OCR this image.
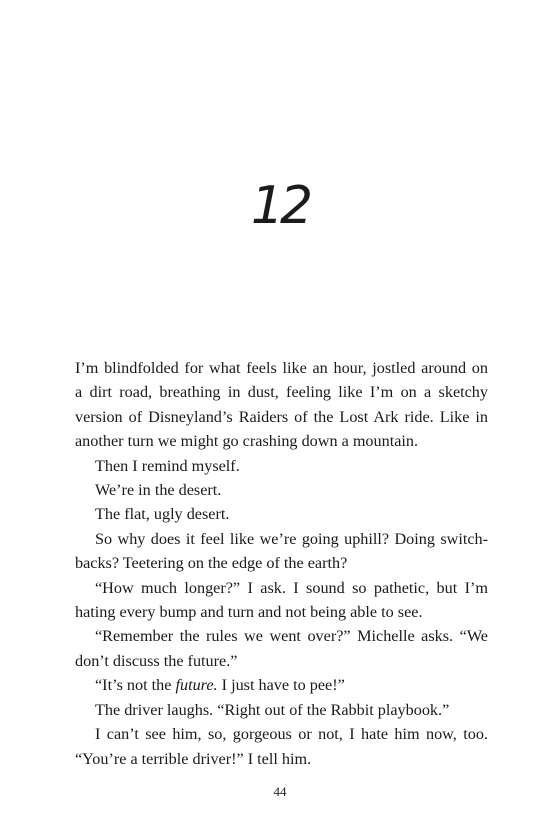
12

I’m blindfolded for what feels like an hour, jostled around on
a dirt road, breathing in dust, feeling like I’m on a sketchy
version of Disneyland’s Raiders of the Lost Ark ride. Like in
another turn we might go crashing down a mountain.

Then I remind myself.

We’re in the desert.

The flat, ugly desert.

So why does it feel like we’re going uphill? Doing switch-
backs? Teetering on the edge of the earth?

“How much longer?” I ask. I sound so pathetic, but I’m
hating every bump and turn and not being able to see.

“Remember the rules we went over?” Michelle asks. “We
don’t discuss the future.”

“It’s not the future. I just have to pee!”

The driver laughs. “Right out of the Rabbit playbook.”

I can’t see him, so, gorgeous or not, I hate him now, too.
“You’re a terrible driver!” I tell him.

44
